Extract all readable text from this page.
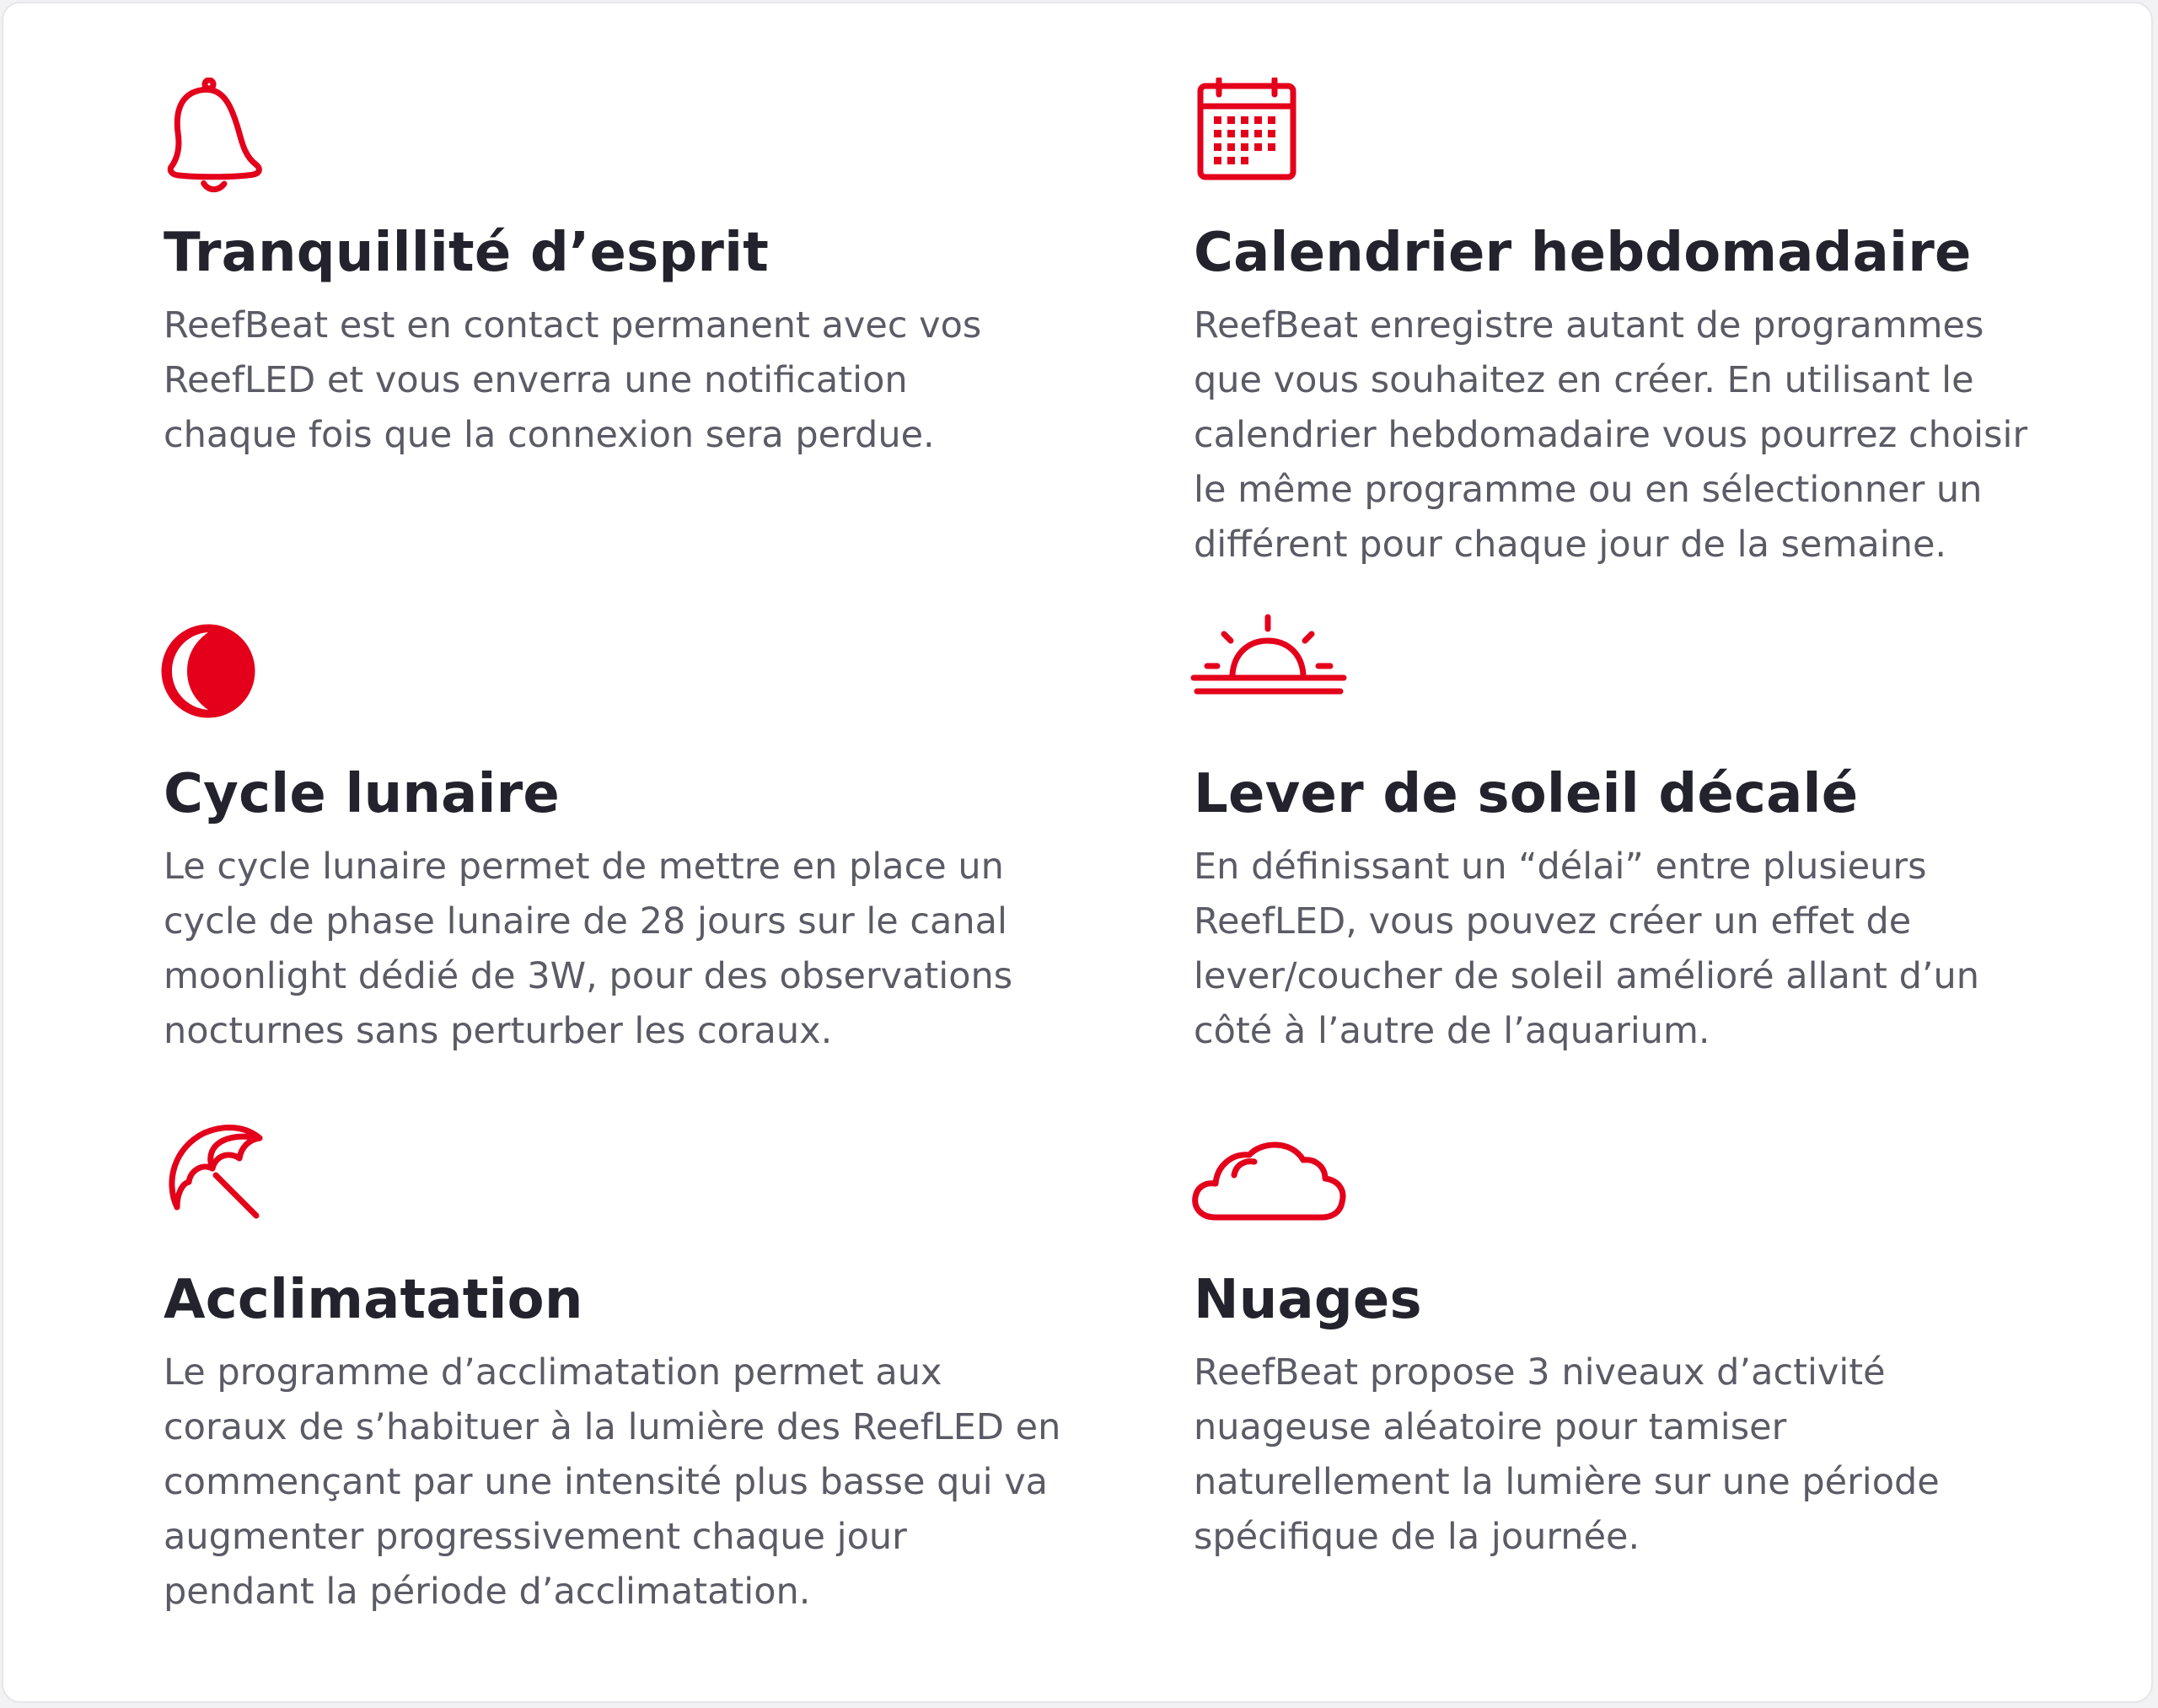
Tranquillité d’esprit

ReefBeat est en contact permanent avec vos
ReefLED et vous enverra une notification
chaque fois que la connexion sera perdue.

Calendrier hebdomadaire

ReefBeat enregistre autant de programmes
que vous souhaitez en créer. En utilisant le
calendrier hebdomadaire vous pourrez choisir
le même programme ou en sélectionner un
différent pour chaque jour de la semaine.

Cycle lunaire

Le cycle lunaire permet de mettre en place un
cycle de phase lunaire de 28 jours sur le canal
moonlight dédié de 3W, pour des observations
nocturnes sans perturber les coraux.

Lever de soleil décalé

En définissant un “délai” entre plusieurs
ReefLED, vous pouvez créer un effet de
lever/coucher de soleil amélioré allant d’un
côté à l’autre de l’aquarium.

Acclimatation

Le programme d’acclimatation permet aux
coraux de s’habituer à la lumière des ReefLED en
commençant par une intensité plus basse qui va
augmenter progressivement chaque jour
pendant la période d’acclimatation.

Nuages

ReefBeat propose 3 niveaux d’activité
nuageuse aléatoire pour tamiser
naturellement la lumière sur une période
spécifique de la journée.
